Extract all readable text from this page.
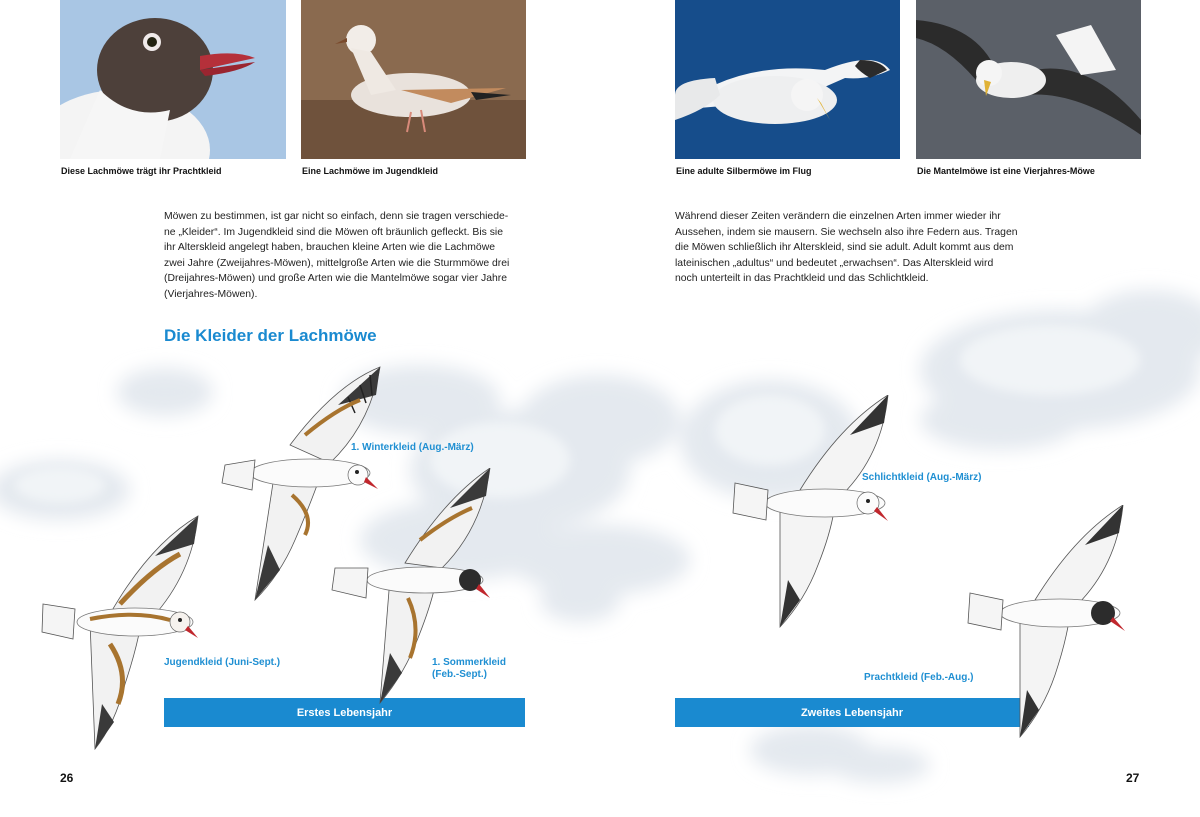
Diese Lachmöwe trägt ihr Prachtkleid	Eine Lachmöwe im Jugendkleid	Eine adulte Silbermöwe im Flug	Die Mantelmöwe ist eine Vierjahres-Möwe

Möwen zu bestimmen, ist gar nicht so einfach, denn sie tragen verschiede-
ne „Kleider“. Im Jugendkleid sind die Möwen oft bräunlich gefleckt. Bis sie
ihr Alterskleid angelegt haben, brauchen kleine Arten wie die Lachmöwe
zwei Jahre (Zweijahres-Möwen), mittelgroße Arten wie die Sturmmöwe drei
(Dreijahres-Möwen) und große Arten wie die Mantelmöwe sogar vier Jahre
(Vierjahres-Möwen).

Während dieser Zeiten verändern die einzelnen Arten immer wieder ihr
Aussehen, indem sie mausern. Sie wechseln also ihre Federn aus. Tragen
die Möwen schließlich ihr Alterskleid, sind sie adult. Adult kommt aus dem
lateinischen „adultus“ und bedeutet „erwachsen“. Das Alterskleid wird
noch unterteilt in das Prachtkleid und das Schlichtkleid.

Die Kleider der Lachmöwe
1. Winterkleid (Aug.-März)
Jugendkleid (Juni-Sept.)	1. Sommerkleid
(Feb.-Sept.)
Schlichtkleid (Aug.-März)
Prachtkleid (Feb.-Aug.)
Erstes Lebensjahr	Zweites Lebensjahr
26	27
